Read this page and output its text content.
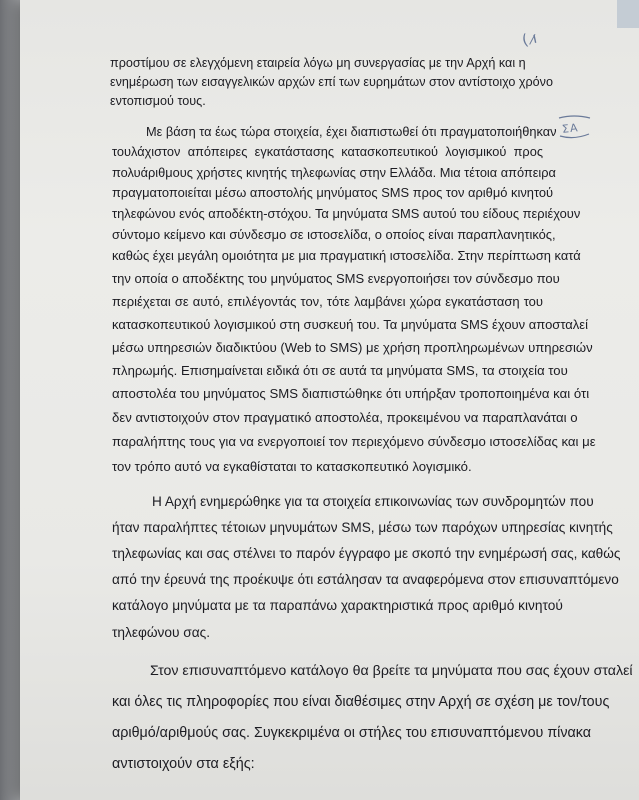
προστίμου σε ελεγχόμενη εταιρεία λόγω μη συνεργασίας με την Αρχή και η
ενημέρωση των εισαγγελικών αρχών επί των ευρημάτων στον αντίστοιχο χρόνο
εντοπισμού τους.
Με βάση τα έως τώρα στοιχεία, έχει διαπιστωθεί ότι πραγματοποιήθηκαν
τουλάχιστον απόπειρες εγκατάστασης κατασκοπευτικού λογισμικού προς
πολυάριθμους χρήστες κινητής τηλεφωνίας στην Ελλάδα. Μια τέτοια απόπειρα
πραγματοποιείται μέσω αποστολής μηνύματος SMS προς τον αριθμό κινητού
τηλεφώνου ενός αποδέκτη-στόχου. Τα μηνύματα SMS αυτού του είδους περιέχουν
σύντομο κείμενο και σύνδεσμο σε ιστοσελίδα, ο οποίος είναι παραπλανητικός,
καθώς έχει μεγάλη ομοιότητα με μια πραγματική ιστοσελίδα. Στην περίπτωση κατά
την οποία ο αποδέκτης του μηνύματος SMS ενεργοποιήσει τον σύνδεσμο που
περιέχεται σε αυτό, επιλέγοντάς τον, τότε λαμβάνει χώρα εγκατάσταση του
κατασκοπευτικού λογισμικού στη συσκευή του. Τα μηνύματα SMS έχουν αποσταλεί
μέσω υπηρεσιών διαδικτύου (Web to SMS) με χρήση προπληρωμένων υπηρεσιών
πληρωμής. Επισημαίνεται ειδικά ότι σε αυτά τα μηνύματα SMS, τα στοιχεία του
αποστολέα του μηνύματος SMS διαπιστώθηκε ότι υπήρξαν τροποποιημένα και ότι
δεν αντιστοιχούν στον πραγματικό αποστολέα, προκειμένου να παραπλανάται ο
παραλήπτης τους για να ενεργοποιεί τον περιεχόμενο σύνδεσμο ιστοσελίδας και με
τον τρόπο αυτό να εγκαθίσταται το κατασκοπευτικό λογισμικό.
Η Αρχή ενημερώθηκε για τα στοιχεία επικοινωνίας των συνδρομητών που
ήταν παραλήπτες τέτοιων μηνυμάτων SMS, μέσω των παρόχων υπηρεσίας κινητής
τηλεφωνίας και σας στέλνει το παρόν έγγραφο με σκοπό την ενημέρωσή σας, καθώς
από την έρευνά της προέκυψε ότι εστάλησαν τα αναφερόμενα στον επισυναπτόμενο
κατάλογο μηνύματα με τα παραπάνω χαρακτηριστικά προς αριθμό κινητού
τηλεφώνου σας.
Στον επισυναπτόμενο κατάλογο θα βρείτε τα μηνύματα που σας έχουν σταλεί
και όλες τις πληροφορίες που είναι διαθέσιμες στην Αρχή σε σχέση με τον/τους
αριθμό/αριθμούς σας. Συγκεκριμένα οι στήλες του επισυναπτόμενου πίνακα
αντιστοιχούν στα εξής:
( ı̷
ΣΑ
